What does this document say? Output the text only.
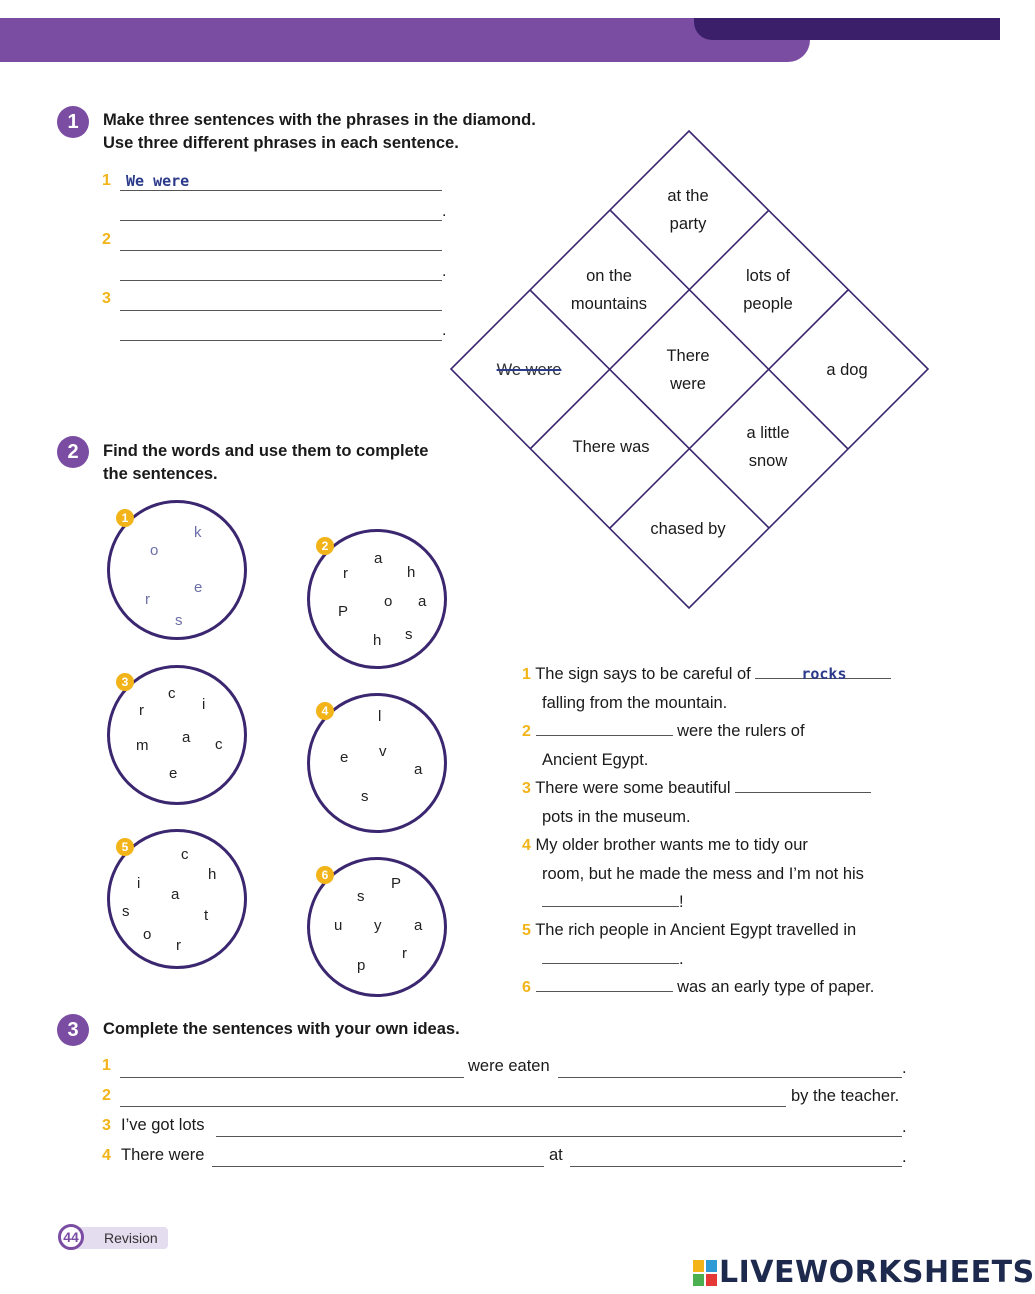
1	Make three sentences with the phrases in the diamond.
Use three different phrases in each sentence.
1 We were
.
2
.
3
.
at the
party
on the
mountains
lots of
people
We were
There
were
a dog
There was
a little
snow
chased by
2	Find the words and use them to complete
the sentences.
1
k
o
e
r
s
2
a
r	h
o a
P
s
h
3
c
r	i
a
m	c
e
4	l
v
e
a
s
5	c
h
i
a
s	t
o
r
6	P
s
u y a
r
p
1 The sign says to be careful of	rocks
falling from the mountain.
2	were the rulers of
Ancient Egypt.
3 There were some beautiful
pots in the museum.
4 My older brother wants me to tidy our
room, but he made the mess and I’m not his
!
5 The rich people in Ancient Egypt travelled in
.
6	was an early type of paper.
3	Complete the sentences with your own ideas.
1	were eaten	.
2	by the teacher.
3 I’ve got lots	.
4 There were	at	.
Revision
44
LIVEWORKSHEETS
